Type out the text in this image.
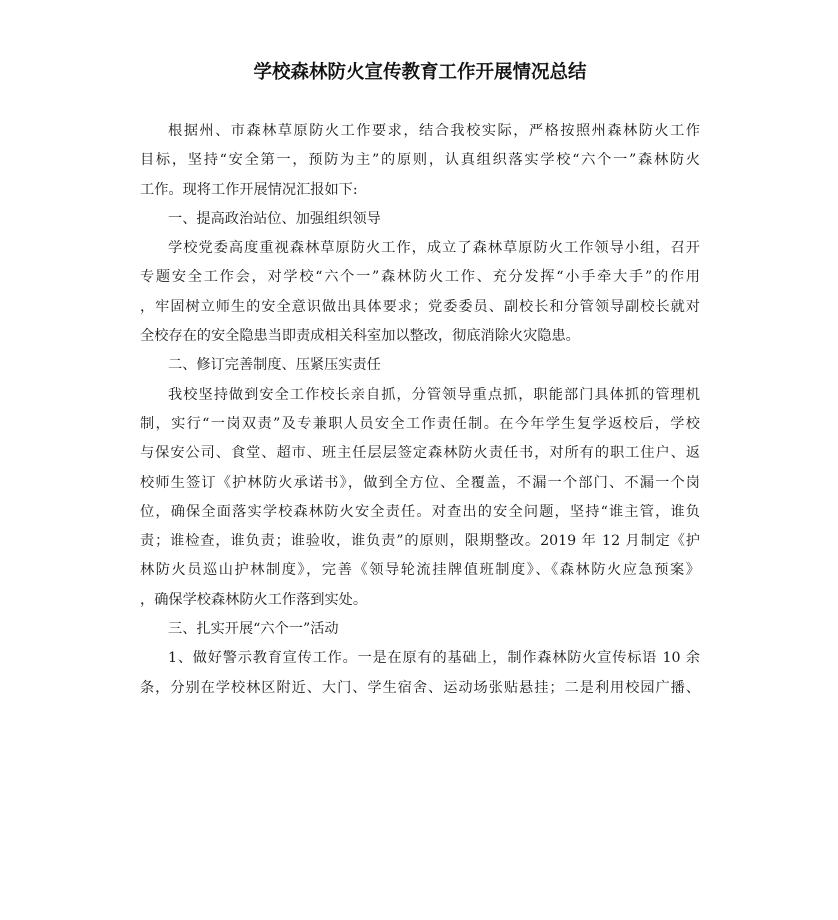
学校森林防火宣传教育工作开展情况总结
根据州、市森林草原防火工作要求，结合我校实际，严格按照州森林防火工作
目标，坚持“安全第一，预防为主”的原则，认真组织落实学校“六个一”森林防火
工作。现将工作开展情况汇报如下:
一、提高政治站位、加强组织领导
学校党委高度重视森林草原防火工作，成立了森林草原防火工作领导小组，召开
专题安全工作会，对学校“六个一”森林防火工作、充分发挥“小手牵大手”的作用
，牢固树立师生的安全意识做出具体要求；党委委员、副校长和分管领导副校长就对
全校存在的安全隐患当即责成相关科室加以整改，彻底消除火灾隐患。
二、修订完善制度、压紧压实责任
我校坚持做到安全工作校长亲自抓，分管领导重点抓，职能部门具体抓的管理机
制，实行“一岗双责”及专兼职人员安全工作责任制。在今年学生复学返校后，学校
与保安公司、食堂、超市、班主任层层签定森林防火责任书，对所有的职工住户、返
校师生签订《护林防火承诺书》，做到全方位、全覆盖，不漏一个部门、不漏一个岗
位，确保全面落实学校森林防火安全责任。对查出的安全问题，坚持“谁主管，谁负
责；谁检查，谁负责；谁验收，谁负责”的原则，限期整改。2019 年 12 月制定《护
林防火员巡山护林制度》，完善《领导轮流挂牌值班制度》、《森林防火应急预案》
，确保学校森林防火工作落到实处。
三、扎实开展“六个一”活动
1、做好警示教育宣传工作。一是在原有的基础上，制作森林防火宣传标语 10 余
条，分别在学校林区附近、大门、学生宿舍、运动场张贴悬挂；二是利用校园广播、
